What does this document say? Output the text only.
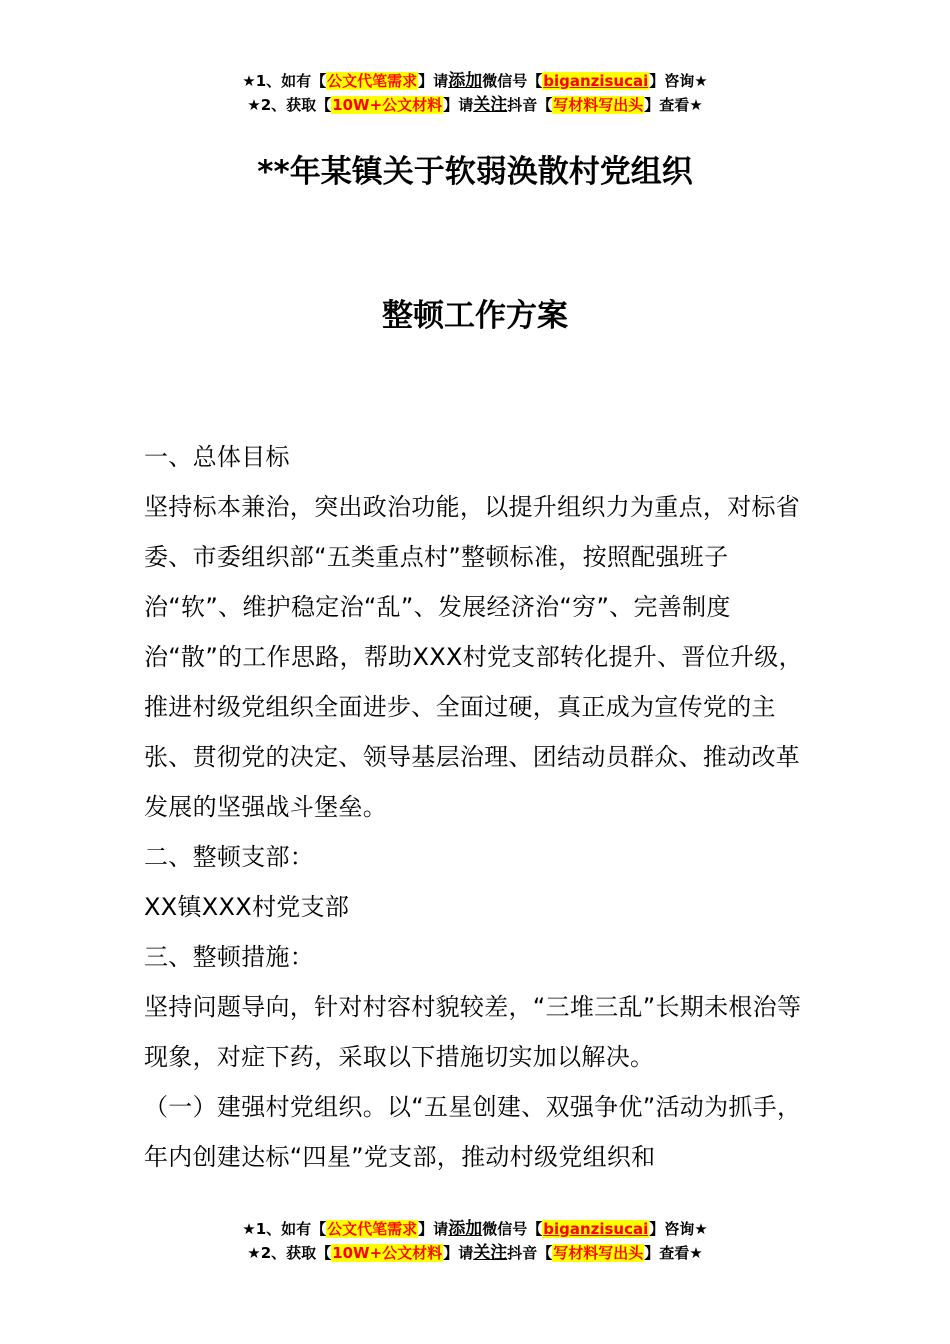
★1、如有【公文代笔需求】请添加微信号【biganzisucai】咨询★
★2、获取【10W+公文材料】请关注抖音【写材料写出头】查看★
**年某镇关于软弱涣散村党组织
整顿工作方案

一、总体目标

坚持标本兼治，突出政治功能，以提升组织力为重点，对标省委、市委组织部“五类重点村”整顿标准，按照配强班子治“软”、维护稳定治“乱”、发展经济治“穷”、完善制度治“散”的工作思路，帮助XXX村党支部转化提升、晋位升级，推进村级党组织全面进步、全面过硬，真正成为宣传党的主张、贯彻党的决定、领导基层治理、团结动员群众、推动改革发展的坚强战斗堡垒。

二、整顿支部：

XX镇XXX村党支部

三、整顿措施：

坚持问题导向，针对村容村貌较差，“三堆三乱”长期未根治等现象，对症下药，采取以下措施切实加以解决。

（一）建强村党组织。以“五星创建、双强争优”活动为抓手，年内创建达标“四星”党支部，推动村级党组织和

★1、如有【公文代笔需求】请添加微信号【biganzisucai】咨询★
★2、获取【10W+公文材料】请关注抖音【写材料写出头】查看★
